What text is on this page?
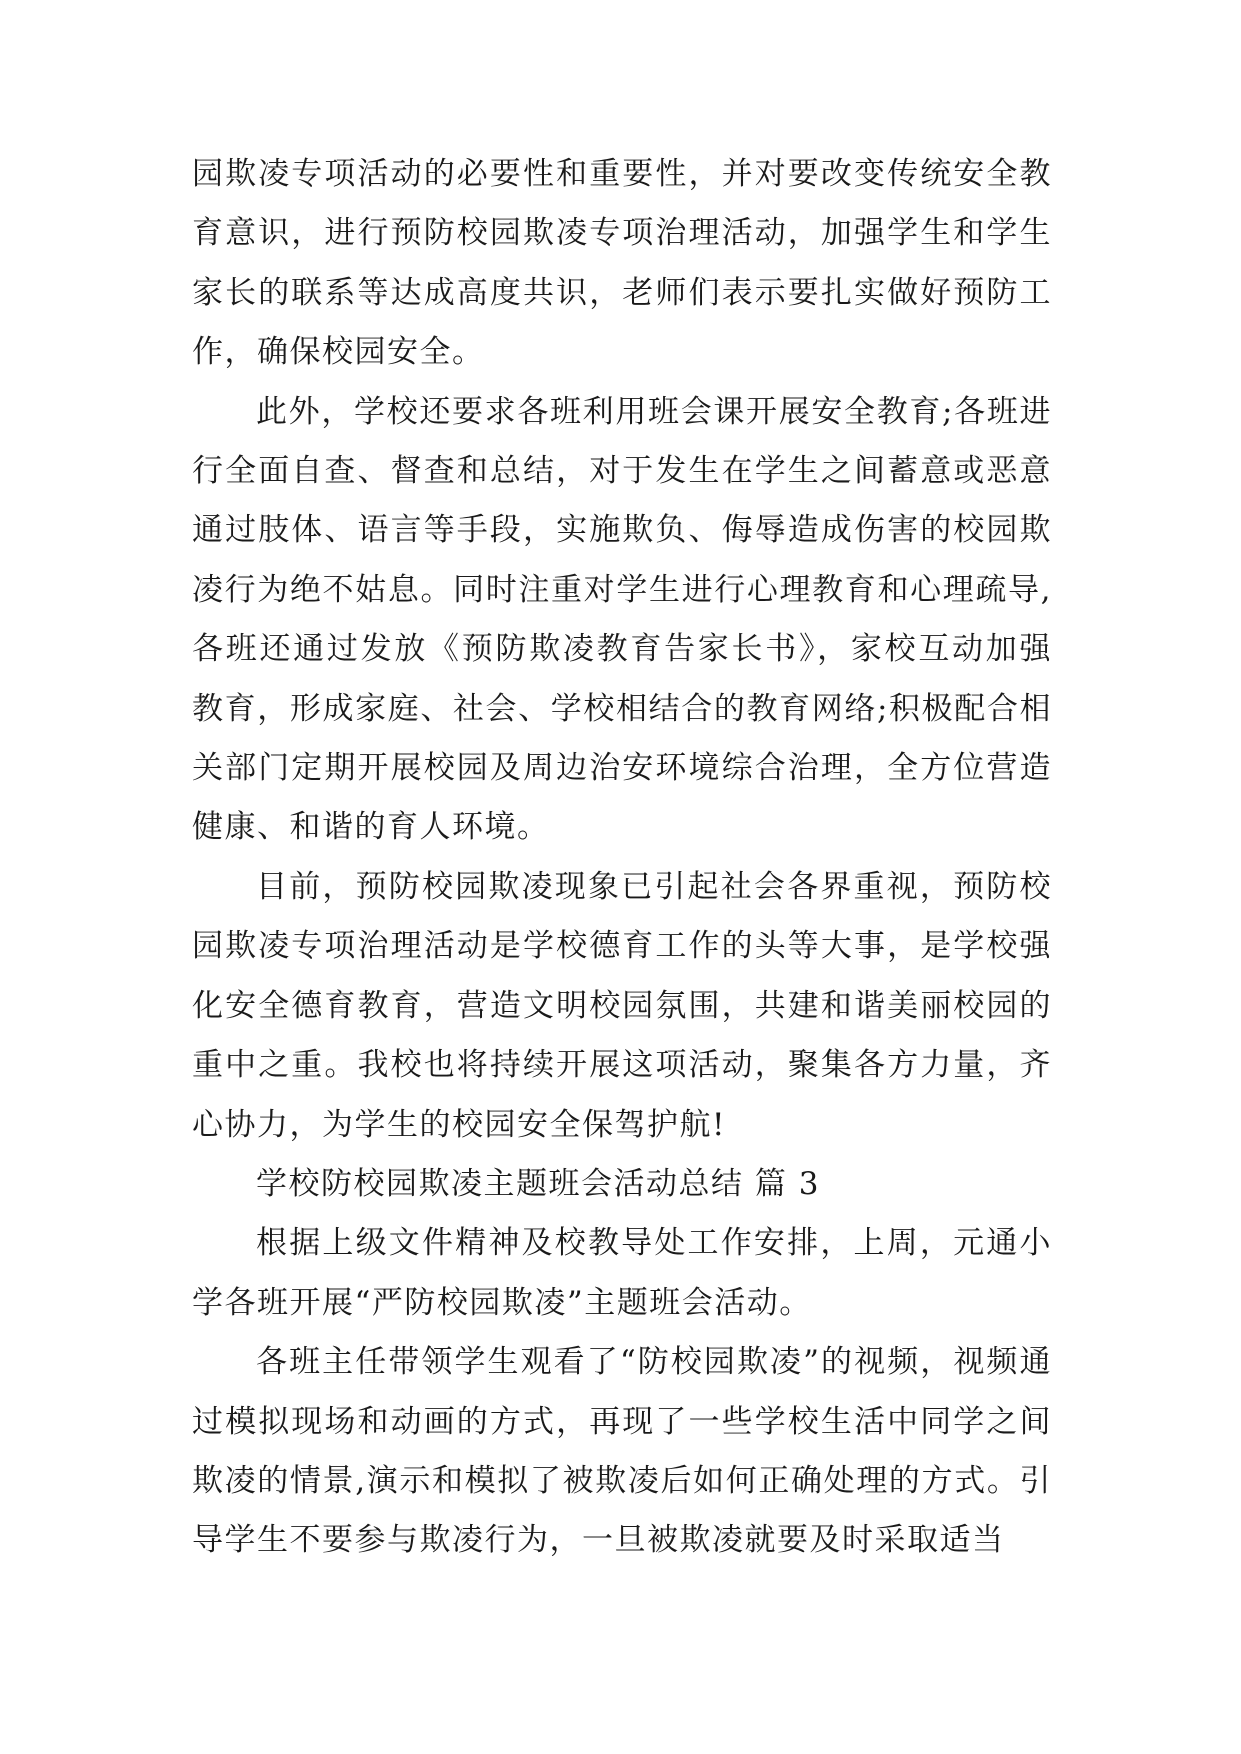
园欺凌专项活动的必要性和重要性，并对要改变传统安全教育意识，进行预防校园欺凌专项治理活动，加强学生和学生家长的联系等达成高度共识，老师们表示要扎实做好预防工作，确保校园安全。

此外，学校还要求各班利用班会课开展安全教育;各班进行全面自查、督查和总结，对于发生在学生之间蓄意或恶意通过肢体、语言等手段，实施欺负、侮辱造成伤害的校园欺凌行为绝不姑息。同时注重对学生进行心理教育和心理疏导,各班还通过发放《预防欺凌教育告家长书》，家校互动加强教育，形成家庭、社会、学校相结合的教育网络;积极配合相关部门定期开展校园及周边治安环境综合治理，全方位营造健康、和谐的育人环境。

目前，预防校园欺凌现象已引起社会各界重视，预防校园欺凌专项治理活动是学校德育工作的头等大事，是学校强化安全德育教育，营造文明校园氛围，共建和谐美丽校园的重中之重。我校也将持续开展这项活动，聚集各方力量，齐心协力，为学生的校园安全保驾护航!

学校防校园欺凌主题班会活动总结 篇 3

根据上级文件精神及校教导处工作安排，上周，元通小学各班开展“严防校园欺凌”主题班会活动。

各班主任带领学生观看了“防校园欺凌”的视频，视频通过模拟现场和动画的方式，再现了一些学校生活中同学之间欺凌的情景,演示和模拟了被欺凌后如何正确处理的方式。引导学生不要参与欺凌行为，一旦被欺凌就要及时采取适当
